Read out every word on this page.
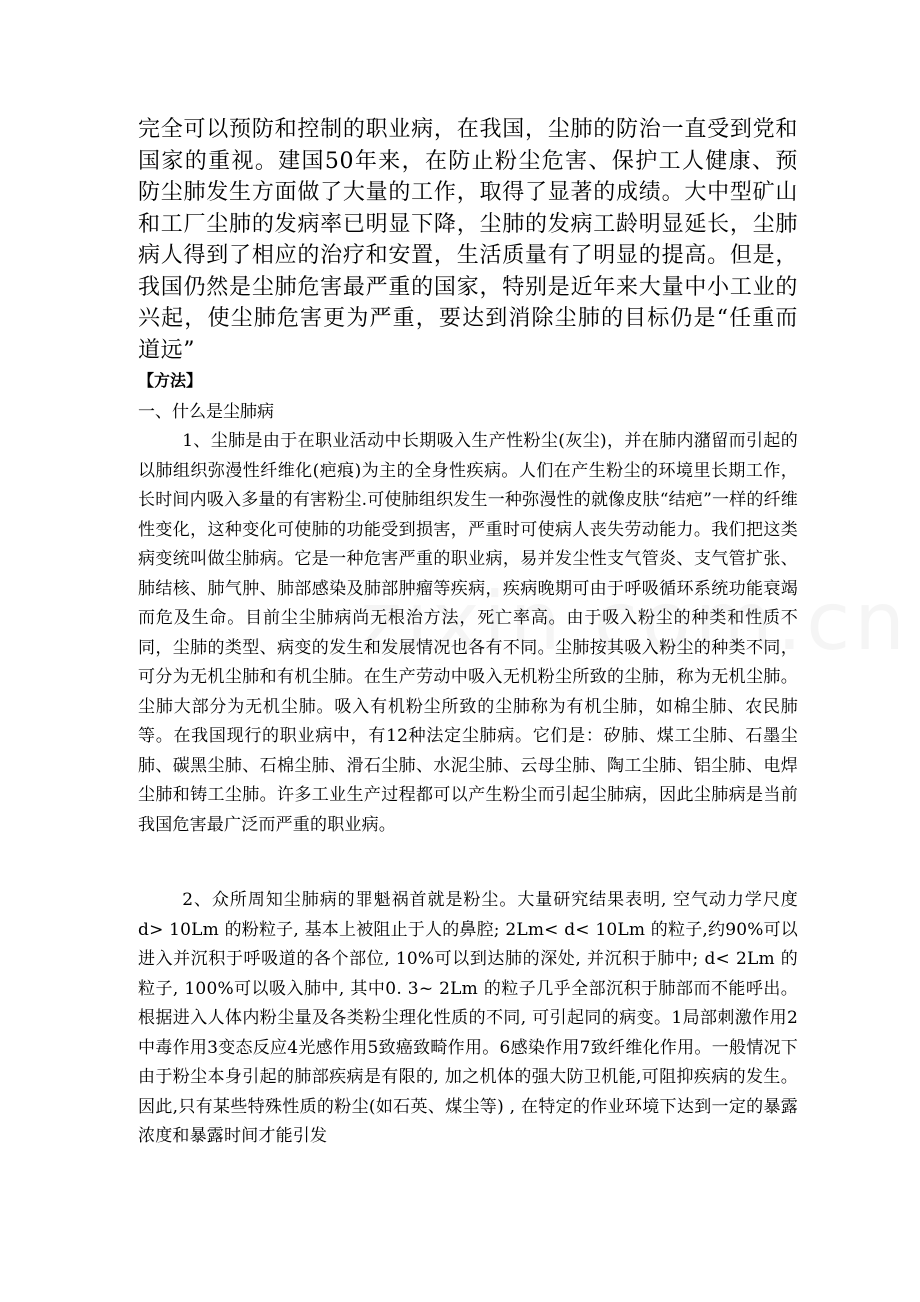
完全可以预防和控制的职业病，在我国，尘肺的防治一直受到党和国家的重视。建国50年来，在防止粉尘危害、保护工人健康、预防尘肺发生方面做了大量的工作，取得了显著的成绩。大中型矿山和工厂尘肺的发病率已明显下降，尘肺的发病工龄明显延长，尘肺病人得到了相应的治疗和安置，生活质量有了明显的提高。但是，我国仍然是尘肺危害最严重的国家，特别是近年来大量中小工业的兴起，使尘肺危害更为严重，要达到消除尘肺的目标仍是“任重而道远”

【方法】

一、什么是尘肺病

1、尘肺是由于在职业活动中长期吸入生产性粉尘(灰尘)，并在肺内潴留而引起的以肺组织弥漫性纤维化(疤痕)为主的全身性疾病。人们在产生粉尘的环境里长期工作，长时间内吸入多量的有害粉尘.可使肺组织发生一种弥漫性的就像皮肤“结疤”一样的纤维性变化，这种变化可使肺的功能受到损害，严重时可使病人丧失劳动能力。我们把这类病变统叫做尘肺病。它是一种危害严重的职业病，易并发尘性支气管炎、支气管扩张、肺结核、肺气肿、肺部感染及肺部肿瘤等疾病，疾病晚期可由于呼吸循环系统功能衰竭而危及生命。目前尘尘肺病尚无根治方法，死亡率高。由于吸入粉尘的种类和性质不同，尘肺的类型、病变的发生和发展情况也各有不同。尘肺按其吸入粉尘的种类不同，可分为无机尘肺和有机尘肺。在生产劳动中吸入无机粉尘所致的尘肺，称为无机尘肺。 尘肺大部分为无机尘肺。吸入有机粉尘所致的尘肺称为有机尘肺，如棉尘肺、农民肺等。在我国现行的职业病中，有12种法定尘肺病。它们是：矽肺、煤工尘肺、石墨尘肺、碳黑尘肺、石棉尘肺、滑石尘肺、水泥尘肺、云母尘肺、陶工尘肺、铝尘肺、电焊尘肺和铸工尘肺。许多工业生产过程都可以产生粉尘而引起尘肺病，因此尘肺病是当前我国危害最广泛而严重的职业病。

2、众所周知尘肺病的罪魁祸首就是粉尘。大量研究结果表明, 空气动力学尺度 d> 10Lm 的粉粒子, 基本上被阻止于人的鼻腔; 2Lm< d< 10Lm 的粒子,约90%可以进入并沉积于呼吸道的各个部位, 10%可以到达肺的深处, 并沉积于肺中; d< 2Lm 的粒子, 100%可以吸入肺中, 其中0. 3~ 2Lm 的粒子几乎全部沉积于肺部而不能呼出。根据进入人体内粉尘量及各类粉尘理化性质的不同, 可引起同的病变。1局部刺激作用2中毒作用3变态反应4光感作用5致癌致畸作用。6感染作用7致纤维化作用。一般情况下由于粉尘本身引起的肺部疾病是有限的, 加之机体的强大防卫机能,可阻抑疾病的发生。因此,只有某些特殊性质的粉尘(如石英、煤尘等) , 在特定的作业环境下达到一定的暴露浓度和暴露时间才能引发
